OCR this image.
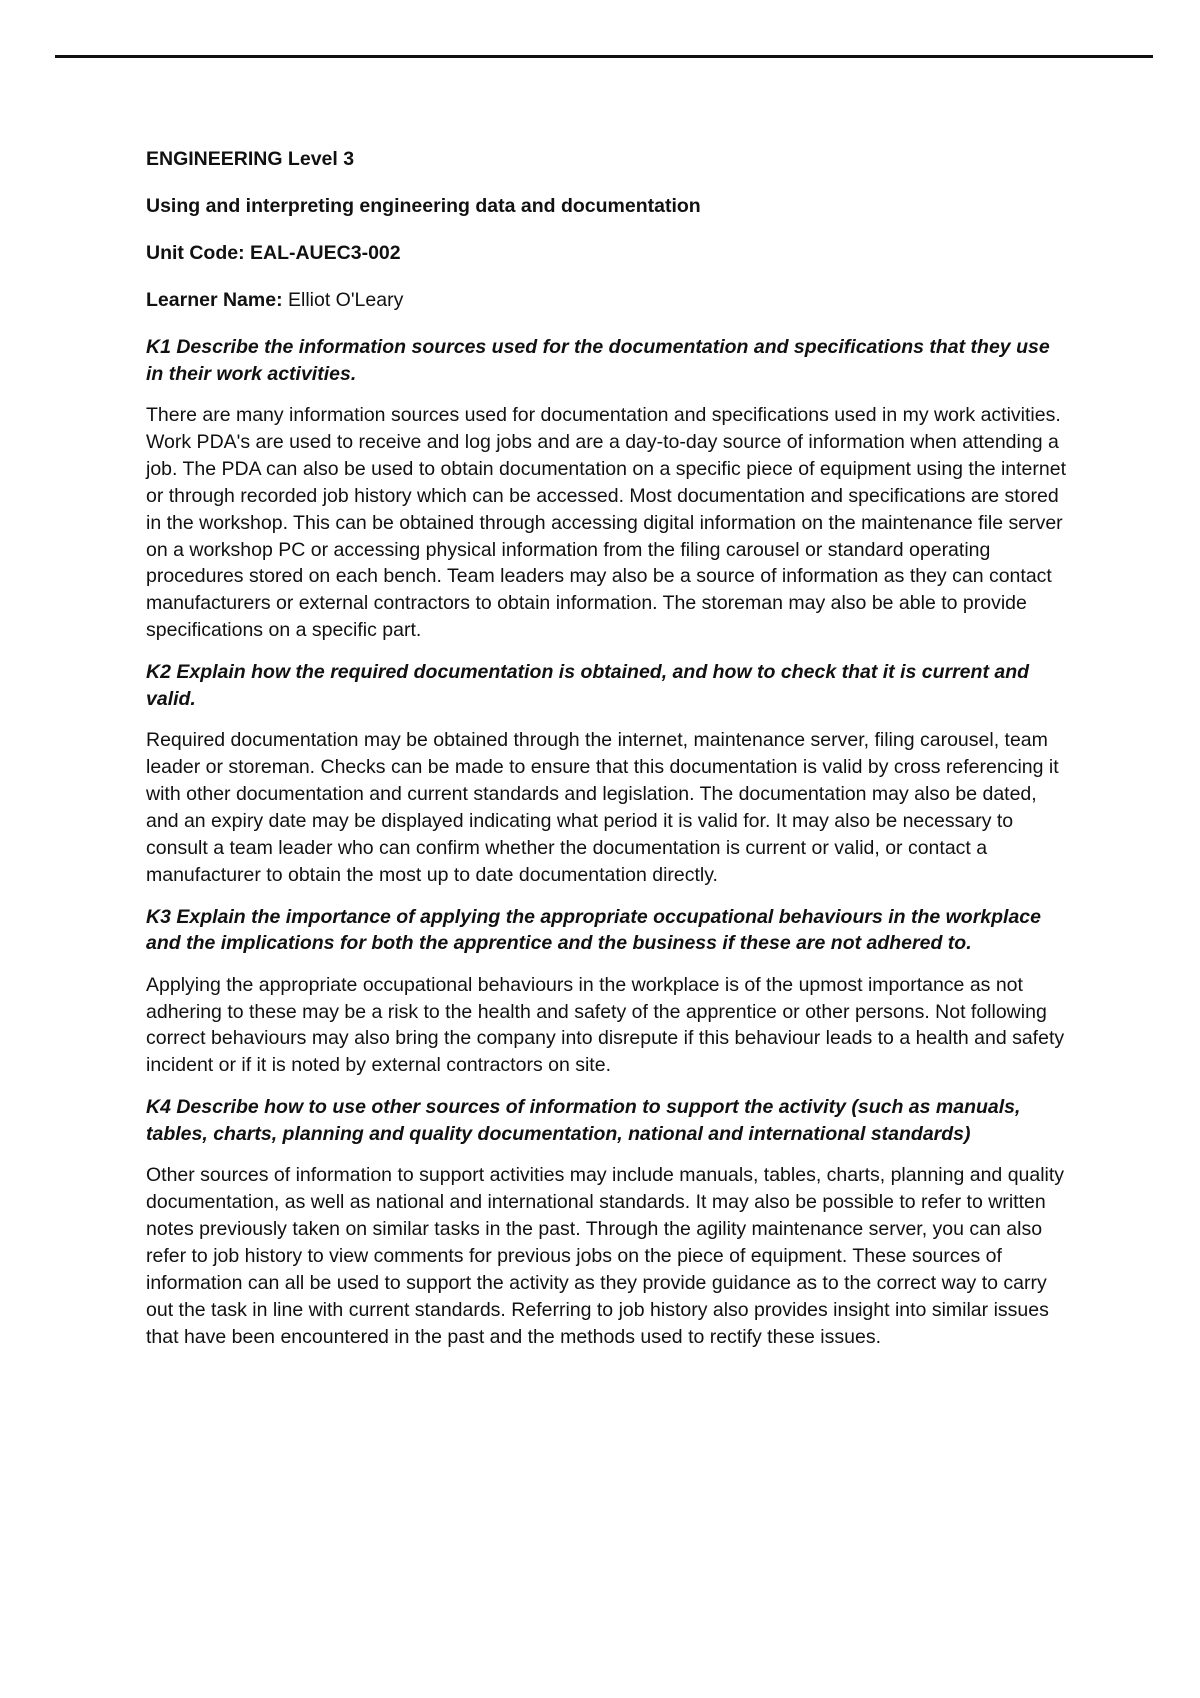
ENGINEERING Level 3

Using and interpreting engineering data and documentation

Unit Code: EAL-AUEC3-002

Learner Name: Elliot O'Leary

K1 Describe the information sources used for the documentation and specifications that they use in their work activities.

There are many information sources used for documentation and specifications used in my work activities. Work PDA's are used to receive and log jobs and are a day-to-day source of information when attending a job. The PDA can also be used to obtain documentation on a specific piece of equipment using the internet or through recorded job history which can be accessed. Most documentation and specifications are stored in the workshop. This can be obtained through accessing digital information on the maintenance file server on a workshop PC or accessing physical information from the filing carousel or standard operating procedures stored on each bench. Team leaders may also be a source of information as they can contact manufacturers or external contractors to obtain information. The storeman may also be able to provide specifications on a specific part.

K2 Explain how the required documentation is obtained, and how to check that it is current and valid.

Required documentation may be obtained through the internet, maintenance server, filing carousel, team leader or storeman. Checks can be made to ensure that this documentation is valid by cross referencing it with other documentation and current standards and legislation. The documentation may also be dated, and an expiry date may be displayed indicating what period it is valid for. It may also be necessary to consult a team leader who can confirm whether the documentation is current or valid, or contact a manufacturer to obtain the most up to date documentation directly.

K3 Explain the importance of applying the appropriate occupational behaviours in the workplace and the implications for both the apprentice and the business if these are not adhered to.

Applying the appropriate occupational behaviours in the workplace is of the upmost importance as not adhering to these may be a risk to the health and safety of the apprentice or other persons. Not following correct behaviours may also bring the company into disrepute if this behaviour leads to a health and safety incident or if it is noted by external contractors on site.

K4 Describe how to use other sources of information to support the activity (such as manuals, tables, charts, planning and quality documentation, national and international standards)

Other sources of information to support activities may include manuals, tables, charts, planning and quality documentation, as well as national and international standards. It may also be possible to refer to written notes previously taken on similar tasks in the past. Through the agility maintenance server, you can also refer to job history to view comments for previous jobs on the piece of equipment. These sources of information can all be used to support the activity as they provide guidance as to the correct way to carry out the task in line with current standards. Referring to job history also provides insight into similar issues that have been encountered in the past and the methods used to rectify these issues.
